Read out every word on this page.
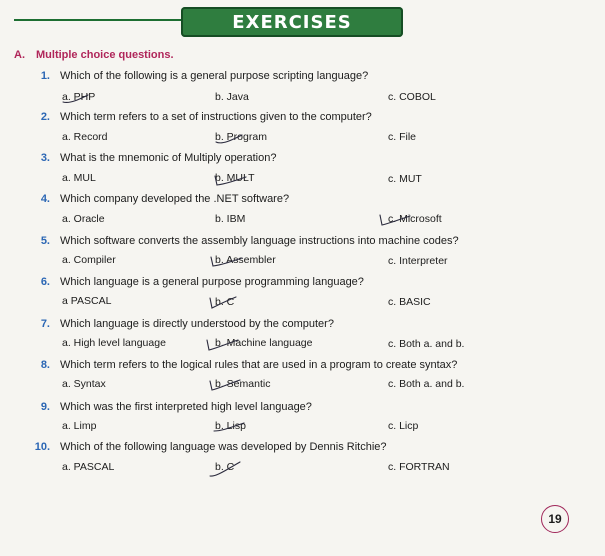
EXERCISES
A. Multiple choice questions.
1. Which of the following is a general purpose scripting language?
a. PHP	b. Java	c. COBOL
2. Which term refers to a set of instructions given to the computer?
a. Record	b. Program	c. File
3. What is the mnemonic of Multiply operation?
a. MUL	b. MULT	c. MUT
4. Which company developed the .NET software?
a. Oracle	b. IBM	c. Microsoft
5. Which software converts the assembly language instructions into machine codes?
a. Compiler	b. Assembler	c. Interpreter
6. Which language is a general purpose programming language?
a PASCAL	b. C	c. BASIC
7. Which language is directly understood by the computer?
a. High level language	b. Machine language	c. Both a. and b.
8. Which term refers to the logical rules that are used in a program to create syntax?
a. Syntax	b. Semantic	c. Both a. and b.
9. Which was the first interpreted high level language?
a. Limp	b. Lisp	c. Licp
10. Which of the following language was developed by Dennis Ritchie?
a. PASCAL	b. C	c. FORTRAN
19
